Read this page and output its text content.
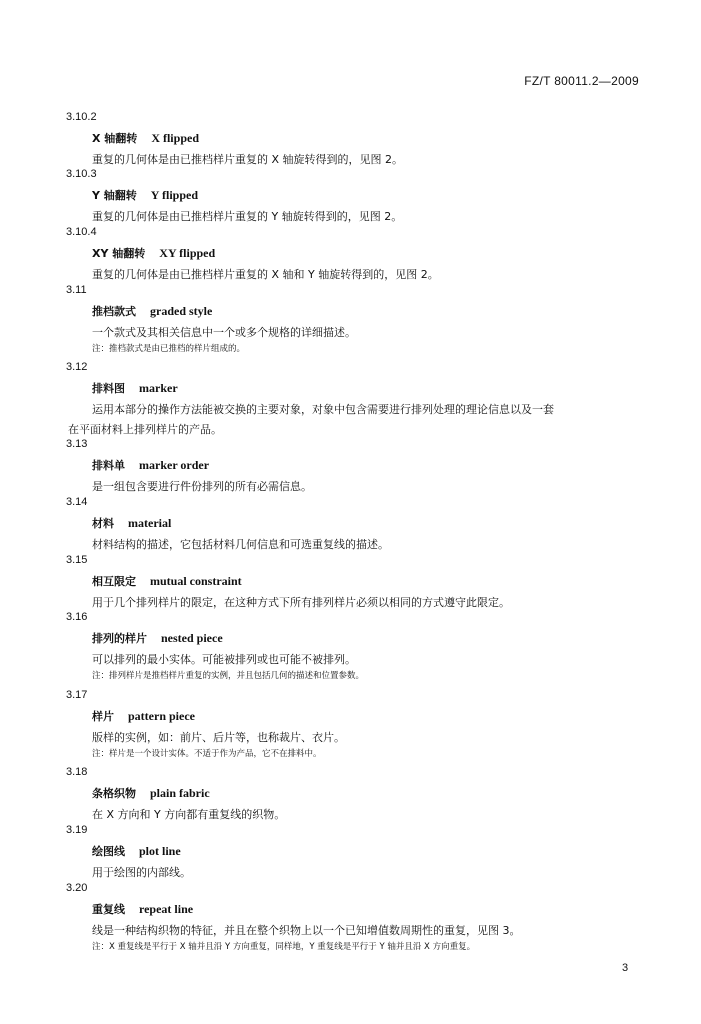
FZ/T 80011.2—2009
3.10.2
X 轴翻转 X flipped
重复的几何体是由已推档样片重复的 X 轴旋转得到的，见图 2。
3.10.3
Y 轴翻转 Y flipped
重复的几何体是由已推档样片重复的 Y 轴旋转得到的，见图 2。
3.10.4
XY 轴翻转 XY flipped
重复的几何体是由已推档样片重复的 X 轴和 Y 轴旋转得到的，见图 2。
3.11
推档款式 graded style
一个款式及其相关信息中一个或多个规格的详细描述。
注：推档款式是由已推档的样片组成的。
3.12
排料图 marker
运用本部分的操作方法能被交换的主要对象，对象中包含需要进行排列处理的理论信息以及一套
在平面材料上排列样片的产品。
3.13
排料单 marker order
是一组包含要进行件份排列的所有必需信息。
3.14
材料 material
材料结构的描述，它包括材料几何信息和可选重复线的描述。
3.15
相互限定 mutual constraint
用于几个排列样片的限定，在这种方式下所有排列样片必须以相同的方式遵守此限定。
3.16
排列的样片 nested piece
可以排列的最小实体。可能被排列或也可能不被排列。
注：排列样片是推档样片重复的实例，并且包括几何的描述和位置参数。
3.17
样片 pattern piece
版样的实例，如：前片、后片等，也称裁片、衣片。
注：样片是一个设计实体。不适于作为产品，它不在排料中。
3.18
条格织物 plain fabric
在 X 方向和 Y 方向都有重复线的织物。
3.19
绘图线 plot line
用于绘图的内部线。
3.20
重复线 repeat line
线是一种结构织物的特征，并且在整个织物上以一个已知增值数周期性的重复，见图 3。
注：X 重复线是平行于 X 轴并且沿 Y 方向重复，同样地，Y 重复线是平行于 Y 轴并且沿 X 方向重复。
3
